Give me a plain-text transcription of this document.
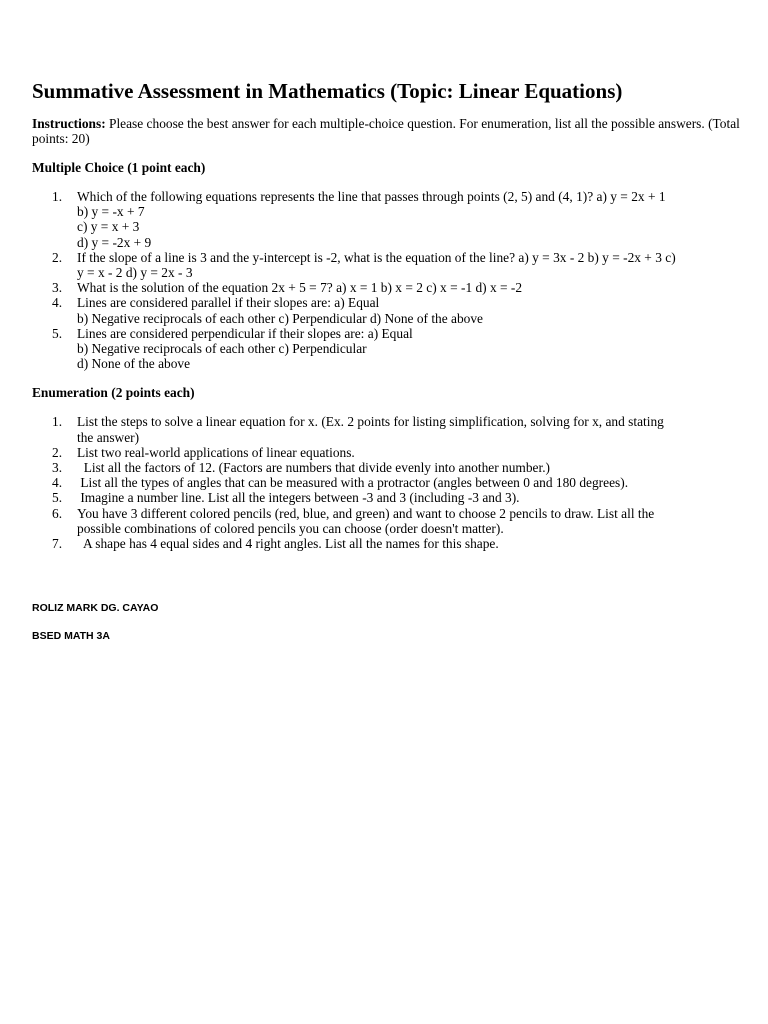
Summative Assessment in Mathematics (Topic: Linear Equations)

Instructions: Please choose the best answer for each multiple-choice question. For enumeration, list all the possible answers. (Total points: 20)

Multiple Choice (1 point each)
1.	Which of the following equations represents the line that passes through points (2, 5) and (4, 1)? a) y = 2x + 1
b) y = -x + 7
c) y = x + 3
d) y = -2x + 9
2.	If the slope of a line is 3 and the y-intercept is -2, what is the equation of the line? a) y = 3x - 2 b) y = -2x + 3 c)
y = x - 2 d) y = 2x - 3
3.	What is the solution of the equation 2x + 5 = 7? a) x = 1 b) x = 2 c) x = -1 d) x = -2
4.	Lines are considered parallel if their slopes are: a) Equal
b) Negative reciprocals of each other c) Perpendicular d) None of the above
5.	Lines are considered perpendicular if their slopes are: a) Equal
b) Negative reciprocals of each other c) Perpendicular
d) None of the above
Enumeration (2 points each)
1.	List the steps to solve a linear equation for x. (Ex. 2 points for listing simplification, solving for x, and stating
the answer)
2.	List two real-world applications of linear equations.
3.	List all the factors of 12. (Factors are numbers that divide evenly into another number.)
4.	List all the types of angles that can be measured with a protractor (angles between 0 and 180 degrees).
5.	Imagine a number line. List all the integers between -3 and 3 (including -3 and 3).
6.	You have 3 different colored pencils (red, blue, and green) and want to choose 2 pencils to draw. List all the
possible combinations of colored pencils you can choose (order doesn't matter).
7.	A shape has 4 equal sides and 4 right angles. List all the names for this shape.
ROLIZ MARK DG. CAYAO
BSED MATH 3A
